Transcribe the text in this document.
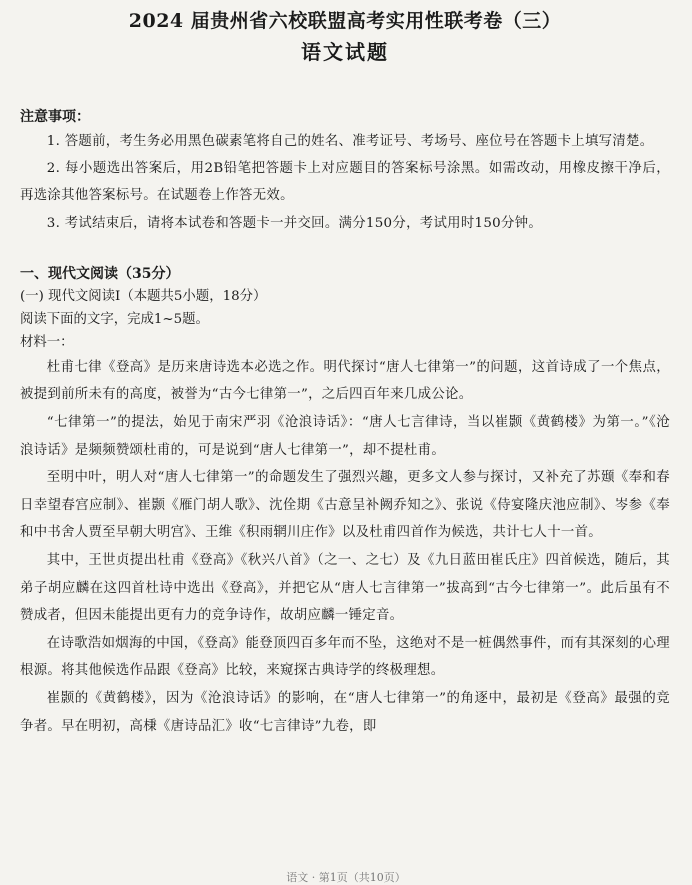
2024 届贵州省六校联盟高考实用性联考卷（三）
语文试题
注意事项：

1. 答题前，考生务必用黑色碳素笔将自己的姓名、准考证号、考场号、座位号在答题卡上填写清楚。

2. 每小题选出答案后，用2B铅笔把答题卡上对应题目的答案标号涂黑。如需改动，用橡皮擦干净后，再选涂其他答案标号。在试题卷上作答无效。

3. 考试结束后，请将本试卷和答题卡一并交回。满分150分，考试用时150分钟。

一、现代文阅读（35分）

(一) 现代文阅读Ⅰ（本题共5小题，18分）

阅读下面的文字，完成1~5题。

材料一：

杜甫七律《登高》是历来唐诗选本必选之作。明代探讨“唐人七律第一”的问题，这首诗成了一个焦点，被提到前所未有的高度，被誉为“古今七律第一”，之后四百年来几成公论。

“七律第一”的提法，始见于南宋严羽《沧浪诗话》：“唐人七言律诗，当以崔颢《黄鹤楼》为第一。”《沧浪诗话》是频频赞颂杜甫的，可是说到“唐人七律第一”，却不提杜甫。

至明中叶，明人对“唐人七律第一”的命题发生了强烈兴趣，更多文人参与探讨，又补充了苏颋《奉和春日幸望春宫应制》、崔颢《雁门胡人歌》、沈佺期《古意呈补阙乔知之》、张说《侍宴隆庆池应制》、岑参《奉和中书舍人贾至早朝大明宫》、王维《积雨辋川庄作》以及杜甫四首作为候选，共计七人十一首。

其中，王世贞提出杜甫《登高》《秋兴八首》（之一、之七）及《九日蓝田崔氏庄》四首候选，随后，其弟子胡应麟在这四首杜诗中选出《登高》，并把它从“唐人七言律第一”拔高到“古今七律第一”。此后虽有不赞成者，但因未能提出更有力的竞争诗作，故胡应麟一锤定音。

在诗歌浩如烟海的中国，《登高》能登顶四百多年而不坠，这绝对不是一桩偶然事件，而有其深刻的心理根源。将其他候选作品跟《登高》比较，来窥探古典诗学的终极理想。

崔颢的《黄鹤楼》，因为《沧浪诗话》的影响，在“唐人七律第一”的角逐中，最初是《登高》最强的竞争者。早在明初，高棅《唐诗品汇》收“七言律诗”九卷，即

语文 · 第1页（共10页）
